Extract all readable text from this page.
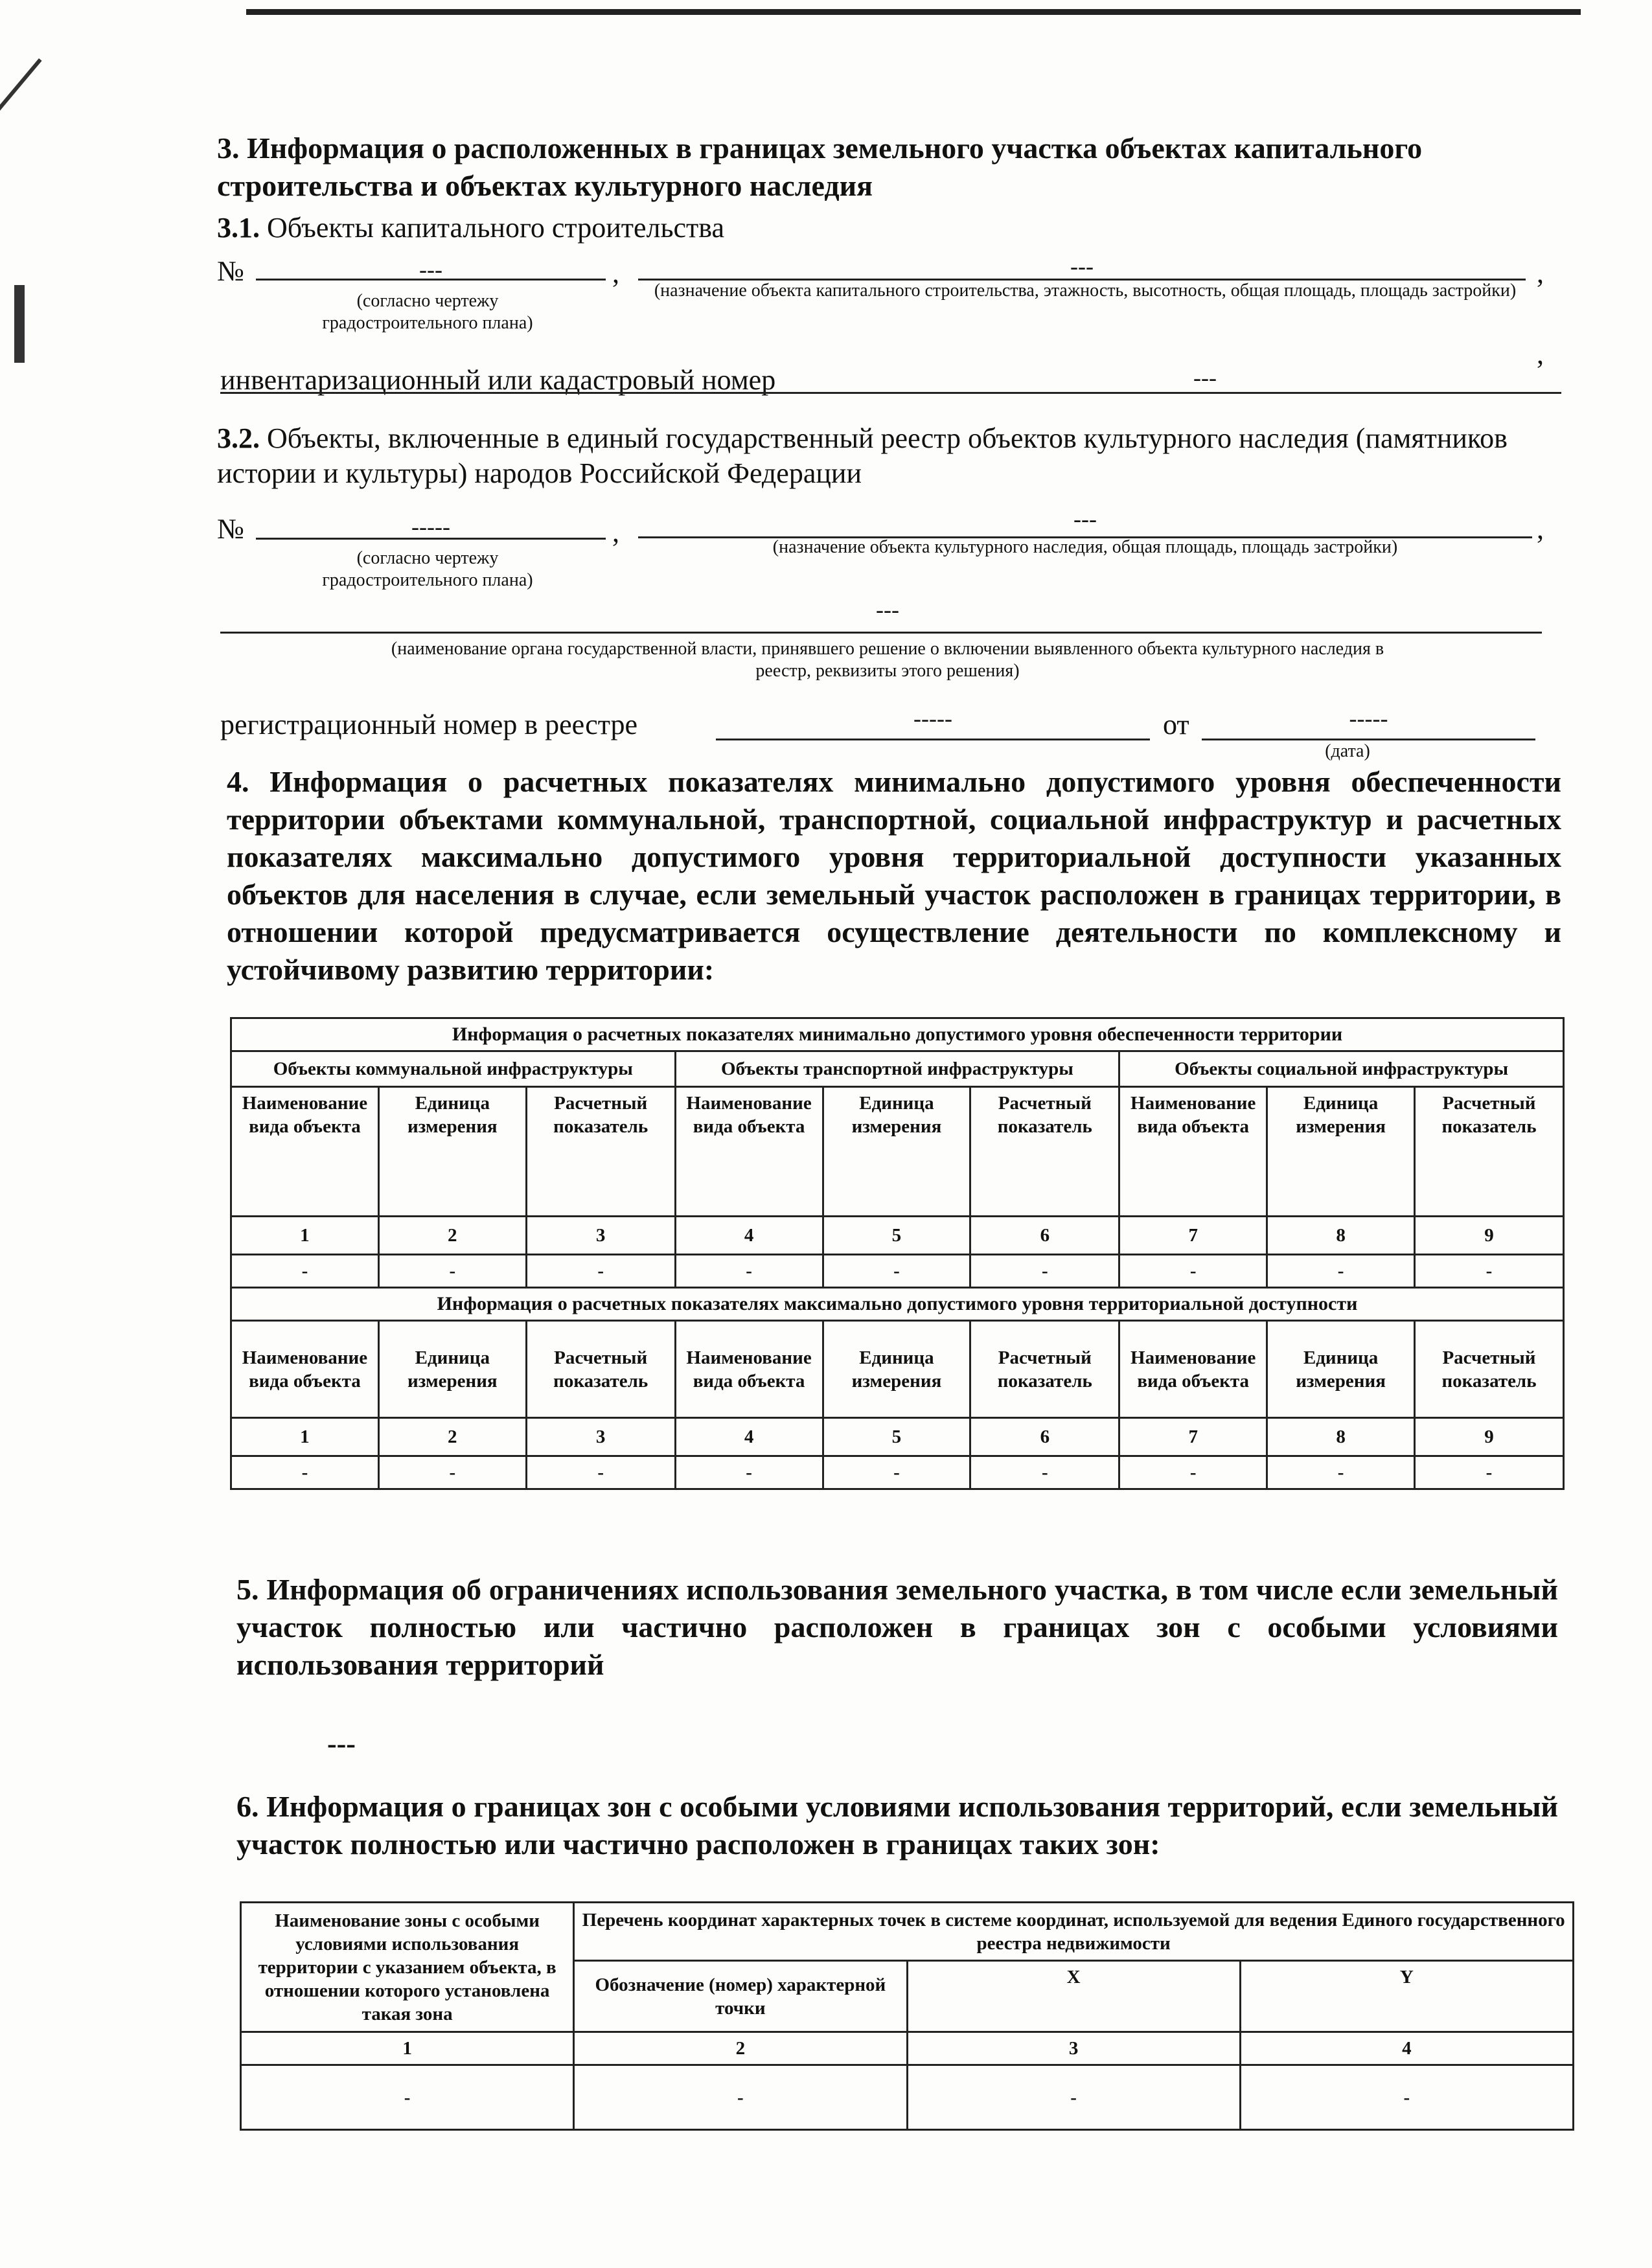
3. Информация о расположенных в границах земельного участка объектах капитального строительства и объектах культурного наследия
3.1. Объекты капитального строительства
№	---	,	---	,
(согласно чертежу градостроительного плана)
(назначение объекта капитального строительства, этажность, высотность, общая площадь, площадь застройки)
,
инвентаризационный или кадастровый номер	---
3.2. Объекты, включенные в единый государственный реестр объектов культурного наследия (памятников истории и культуры) народов Российской Федерации
№	-----	,	---	,
(согласно чертежу градостроительного плана)
(назначение объекта культурного наследия, общая площадь, площадь застройки)
---
(наименование органа государственной власти, принявшего решение о включении выявленного объекта культурного наследия в реестр, реквизиты этого решения)
регистрационный номер в реестре	-----	от	-----
(дата)
4. Информация о расчетных показателях минимально допустимого уровня обеспеченности территории объектами коммунальной, транспортной, социальной инфраструктур и расчетных показателях максимально допустимого уровня территориальной доступности указанных объектов для населения в случае, если земельный участок расположен в границах территории, в отношении которой предусматривается осуществление деятельности по комплексному и устойчивому развитию территории:
Информация о расчетных показателях минимально допустимого уровня обеспеченности территории								
Объекты коммунальной инфраструктуры			Объекты транспортной инфраструктуры			Объекты социальной инфраструктуры		
Наименование вида объекта	Единица измерения	Расчетный показатель	Наименование вида объекта	Единица измерения	Расчетный показатель	Наименование вида объекта	Единица измерения	Расчетный показатель
1	2	3	4	5	6	7	8	9
-	-	-	-	-	-	-	-	-
Информация о расчетных показателях максимально допустимого уровня территориальной доступности								
Наименование вида объекта	Единица измерения	Расчетный показатель	Наименование вида объекта	Единица измерения	Расчетный показатель	Наименование вида объекта	Единица измерения	Расчетный показатель
1	2	3	4	5	6	7	8	9
-	-	-	-	-	-	-	-	-
5. Информация об ограничениях использования земельного участка, в том числе если земельный участок полностью или частично расположен в границах зон с особыми условиями использования территорий
---
6. Информация о границах зон с особыми условиями использования территорий, если земельный участок полностью или частично расположен в границах таких зон:
Наименование зоны с особыми условиями использования территории с указанием объекта, в отношении которого установлена такая зона	Перечень координат характерных точек в системе координат, используемой для ведения Единого государственного реестра недвижимости		
	Обозначение (номер) характерной точки	X	Y
1	2	3	4
-	-	-	-
